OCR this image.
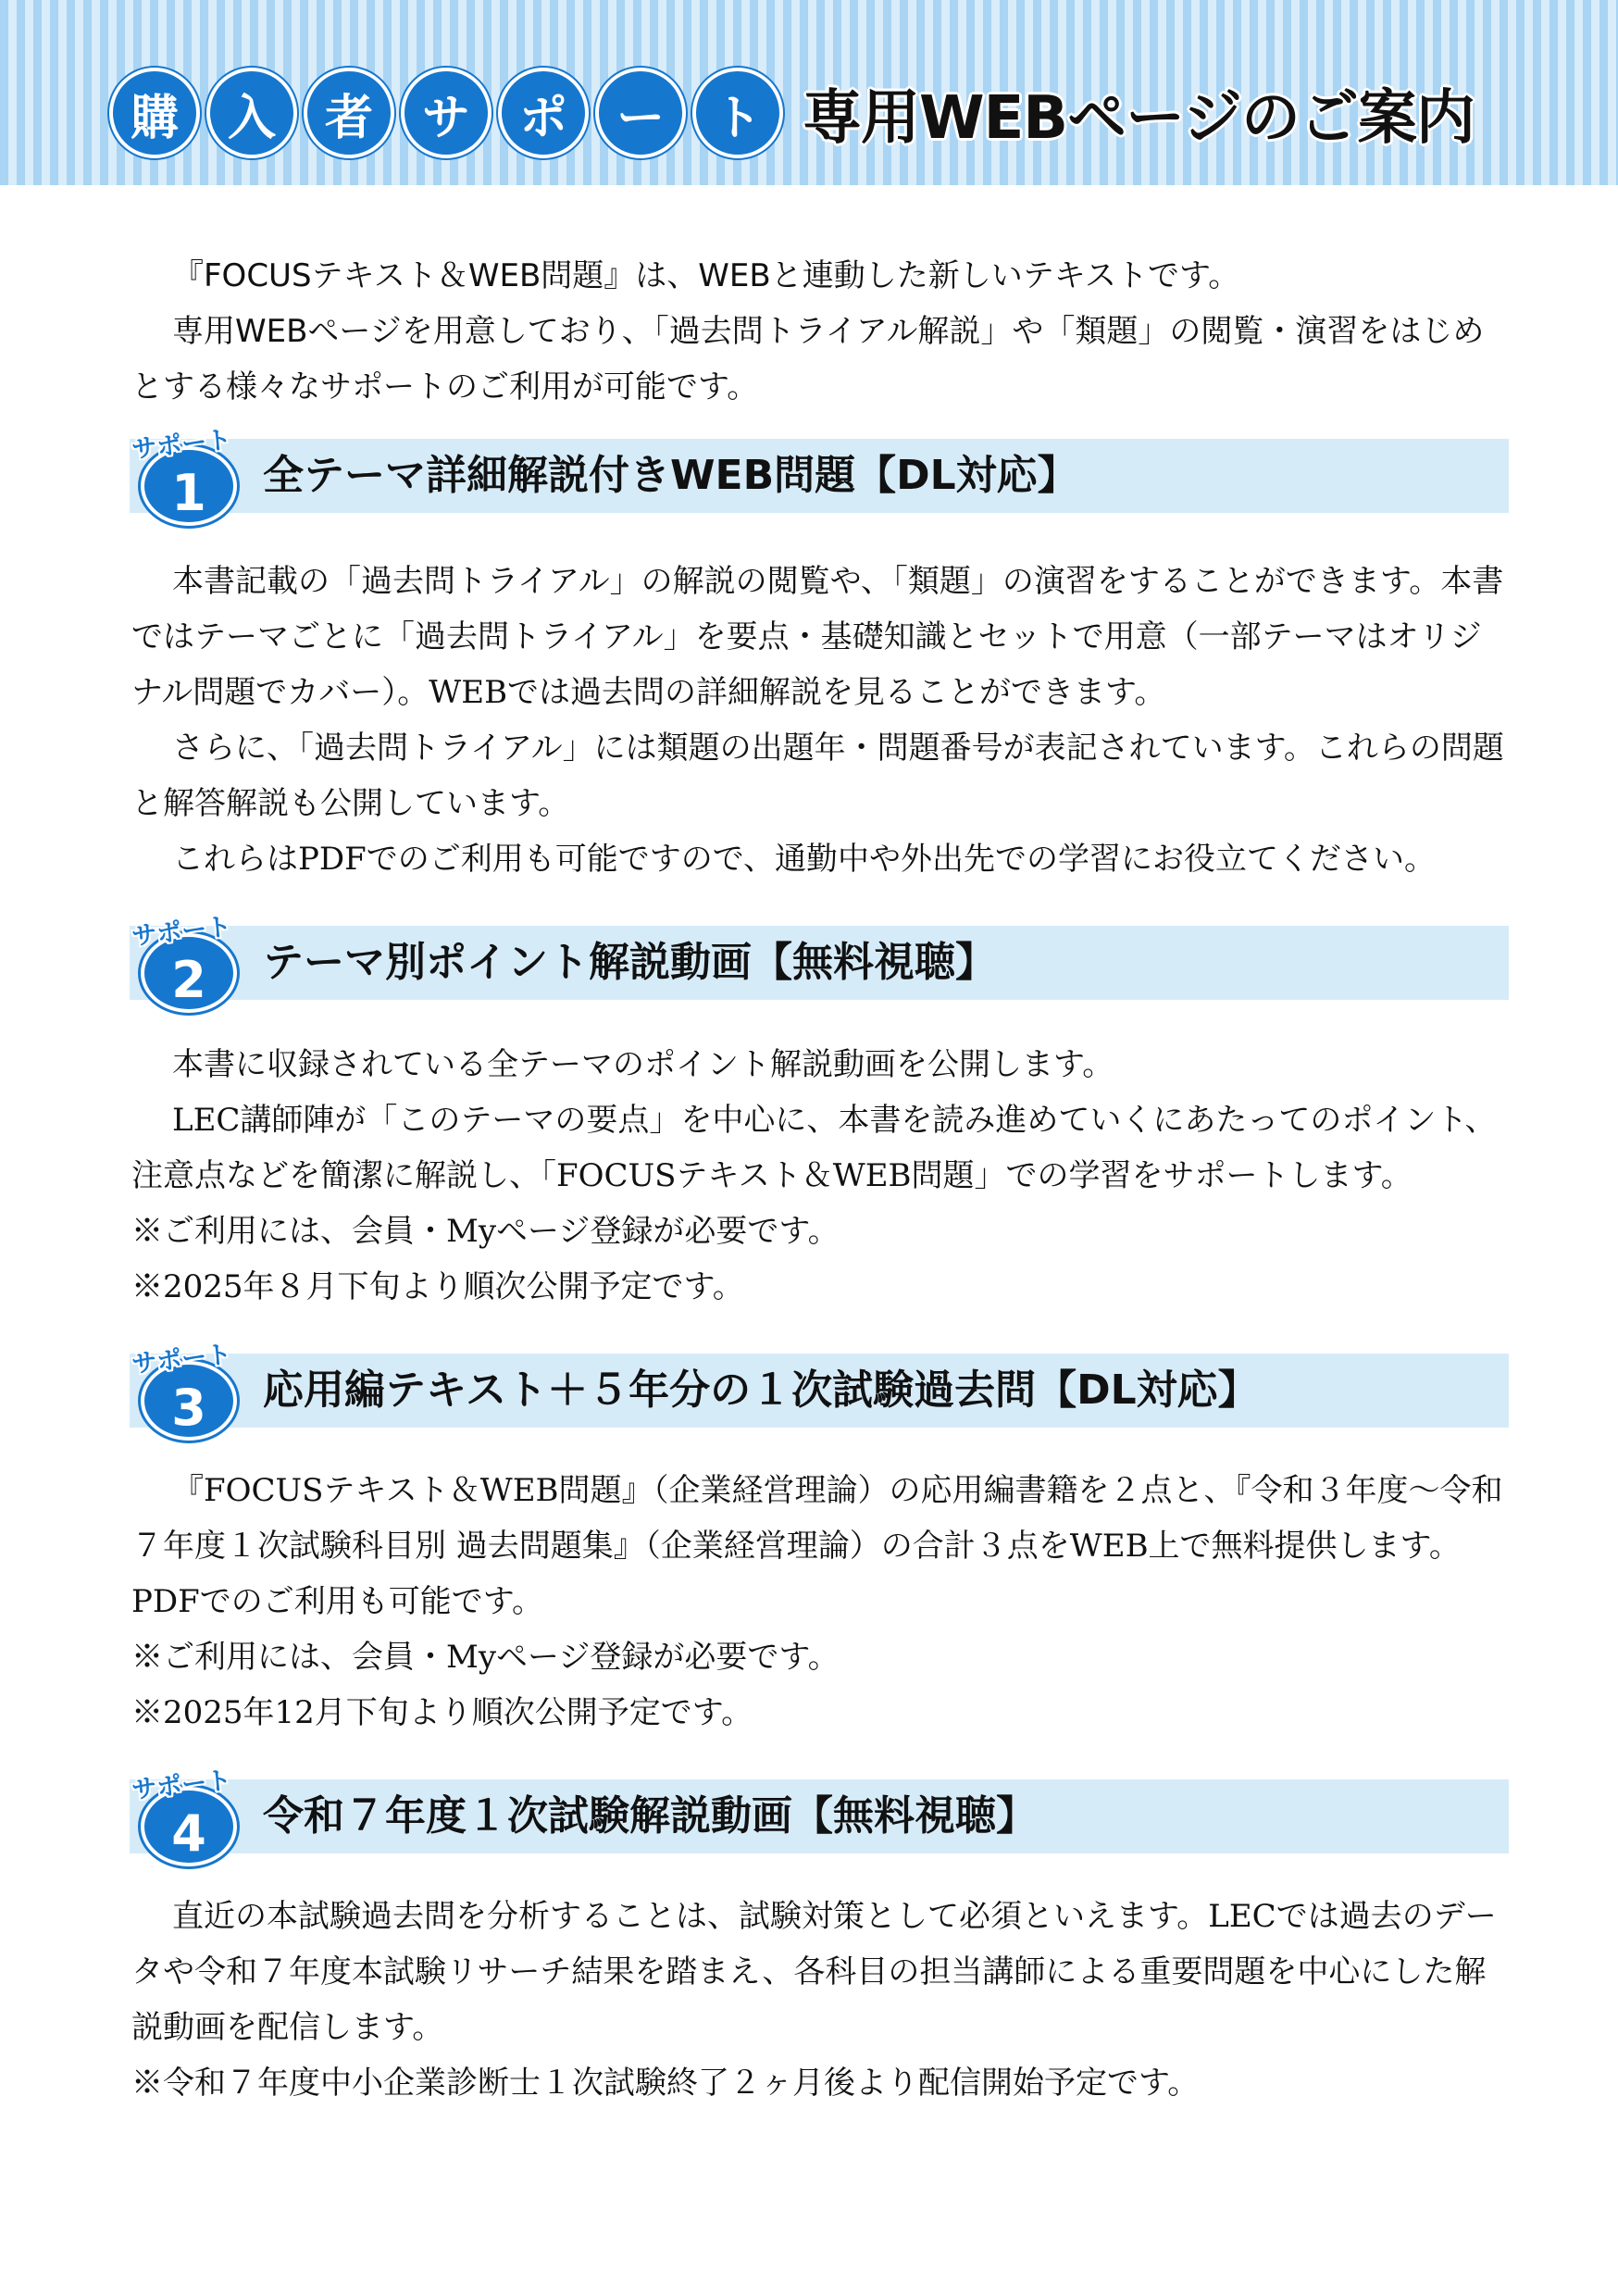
購	入	者	サ	ポ	ー	ト 専用WEBページのご案内

『FOCUSテキスト＆WEB問題』は、WEBと連動した新しいテキストです。

専用WEBページを用意しており、「過去問トライアル解説」や「類題」の閲覧・演習をはじめとする様々なサポートのご利用が可能です。

1
サポート
全テーマ詳細解説付きWEB問題【DL対応】

本書記載の「過去問トライアル」の解説の閲覧や、「類題」の演習をすることができます。本書ではテーマごとに「過去問トライアル」を要点・基礎知識とセットで用意（一部テーマはオリジナル問題でカバー）。WEBでは過去問の詳細解説を見ることができます。

さらに、「過去問トライアル」には類題の出題年・問題番号が表記されています。これらの問題と解答解説も公開しています。

これらはPDFでのご利用も可能ですので、通勤中や外出先での学習にお役立てください。

2
サポート
テーマ別ポイント解説動画【無料視聴】

本書に収録されている全テーマのポイント解説動画を公開します。

LEC講師陣が「このテーマの要点」を中心に、本書を読み進めていくにあたってのポイント、注意点などを簡潔に解説し、「FOCUSテキスト＆WEB問題」での学習をサポートします。

※ご利用には、会員・Myページ登録が必要です。

※2025年８月下旬より順次公開予定です。

3
サポート
応用編テキスト＋５年分の１次試験過去問【DL対応】

『FOCUSテキスト＆WEB問題』（企業経営理論）の応用編書籍を２点と、『令和３年度～令和７年度１次試験科目別 過去問題集』（企業経営理論）の合計３点をWEB上で無料提供します。PDFでのご利用も可能です。

※ご利用には、会員・Myページ登録が必要です。

※2025年12月下旬より順次公開予定です。

4
サポート
令和７年度１次試験解説動画【無料視聴】

直近の本試験過去問を分析することは、試験対策として必須といえます。LECでは過去のデータや令和７年度本試験リサーチ結果を踏まえ、各科目の担当講師による重要問題を中心にした解説動画を配信します。

※令和７年度中小企業診断士１次試験終了２ヶ月後より配信開始予定です。
